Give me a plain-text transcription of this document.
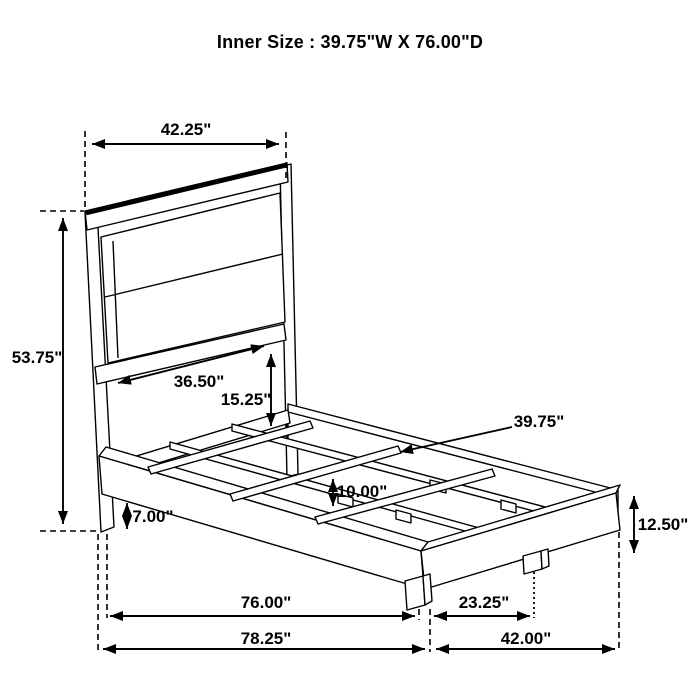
Inner Size : 39.75"W X 76.00"D
42.25"
53.75"
36.50"
15.25"
39.75"
10.00"
7.00"	12.50"
76.00"	23.25"
78.25"	42.00"
